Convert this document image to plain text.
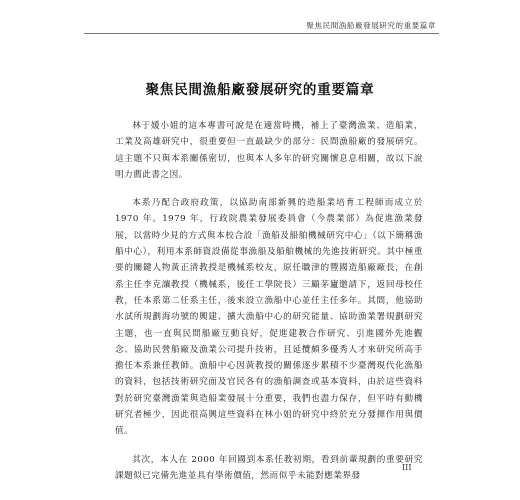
聚焦民間漁船廠發展研究的重要篇章
聚焦民間漁船廠發展研究的重要篇章

林于媛小姐的這本專書可說是在適當時機，補上了臺灣漁業、造船業，工業及高雄研究中，很重要但一直最缺少的部分：民間漁船廠的發展研究。這主題不只與本系關係密切，也與本人多年的研究關懷息息相關，故以下說明力薦此書之因。

本系乃配合政府政策，以協助南部新興的造船業培育工程師而成立於 1970 年。1979 年，行政院農業發展委員會（今農業部）為促進漁業發展，以當時少見的方式與本校合設「漁船及船舶機械研究中心」（以下簡稱漁船中心），利用本系師資設備從事漁船及船舶機械的先進技術研究。其中極重要的關鍵人物黃正清教授是機械系校友，原任職津的豐國造船廠廠長，在創系主任李克讓教授（機械系，後任工學院長）三顧茅廬邀請下，返回母校任教，任本系第二任系主任，後來設立漁船中心並任主任多年。其間，他協助水試所規劃海功號的興建、擴大漁船中心的研究能量、協助漁業署規劃研究主題，也一直與民間船廠互動良好，促進建教合作研究、引進國外先進觀念、協助民營船廠及漁業公司提升技術，且延攬頗多優秀人才來研究所高手擔任本系兼任教師。漁船中心因黃教授的關係逐步累積不少臺灣現代化漁船的資料，包括技術研究面及官民各有的漁船調查或基本資料，由於這些資料對於研究臺灣漁業與造船業發展十分重要，我們也盡力保存，但平時有動機研究者極少，因此很高興這些資料在林小姐的研究中終於充分發揮作用與價值。

其次，本人在 2000 年回國到本系任教初期，看到前輩規劃的重要研究課題似已完備先進並具有學術價值，然而似乎未能對應業界發

III
